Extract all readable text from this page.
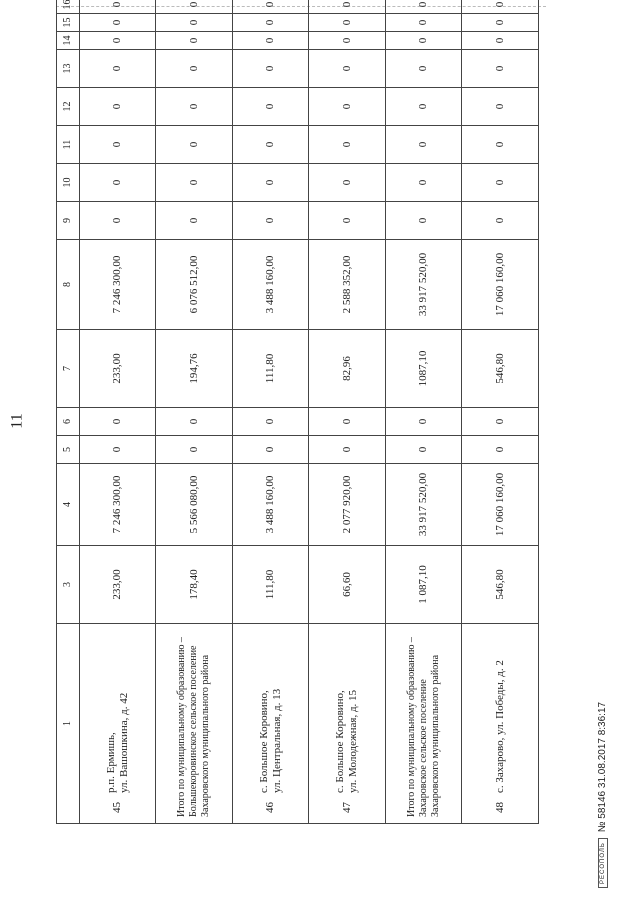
11
1	3	4	5	6	7	8	9	10	11	12	13	14	15	16
45р.п. Ермишь,
ул. Вашошкина, д. 42	233,00	7 246 300,00	0	0	233,00	7 246 300,00	0	0	0	0	0	0	0	0
Итого по муниципальному образованию – Большекоровинское сельское поселение Захаровского муниципального района	178,40	5 566 080,00	0	0	194,76	6 076 512,00	0	0	0	0	0	0	0	0
46с. Большое Коровино,
ул. Центральная, д. 13	111,80	3 488 160,00	0	0	111,80	3 488 160,00	0	0	0	0	0	0	0	0
47с. Большое Коровино,
ул. Молодежная, д. 15	66,60	2 077 920,00	0	0	82,96	2 588 352,00	0	0	0	0	0	0	0	0
Итого по муниципальному образованию – Захаровское сельское поселение Захаровского муниципального района	1 087,10	33 917 520,00	0	0	1087,10	33 917 520,00	0	0	0	0	0	0	0	0
48с. Захарово, ул. Победы, д. 2	546,80	17 060 160,00	0	0	546,80	17 060 160,00	0	0	0	0	0	0	0	0
PECОПОЛЬ
№ 58146 31.08.2017 8:36:17
